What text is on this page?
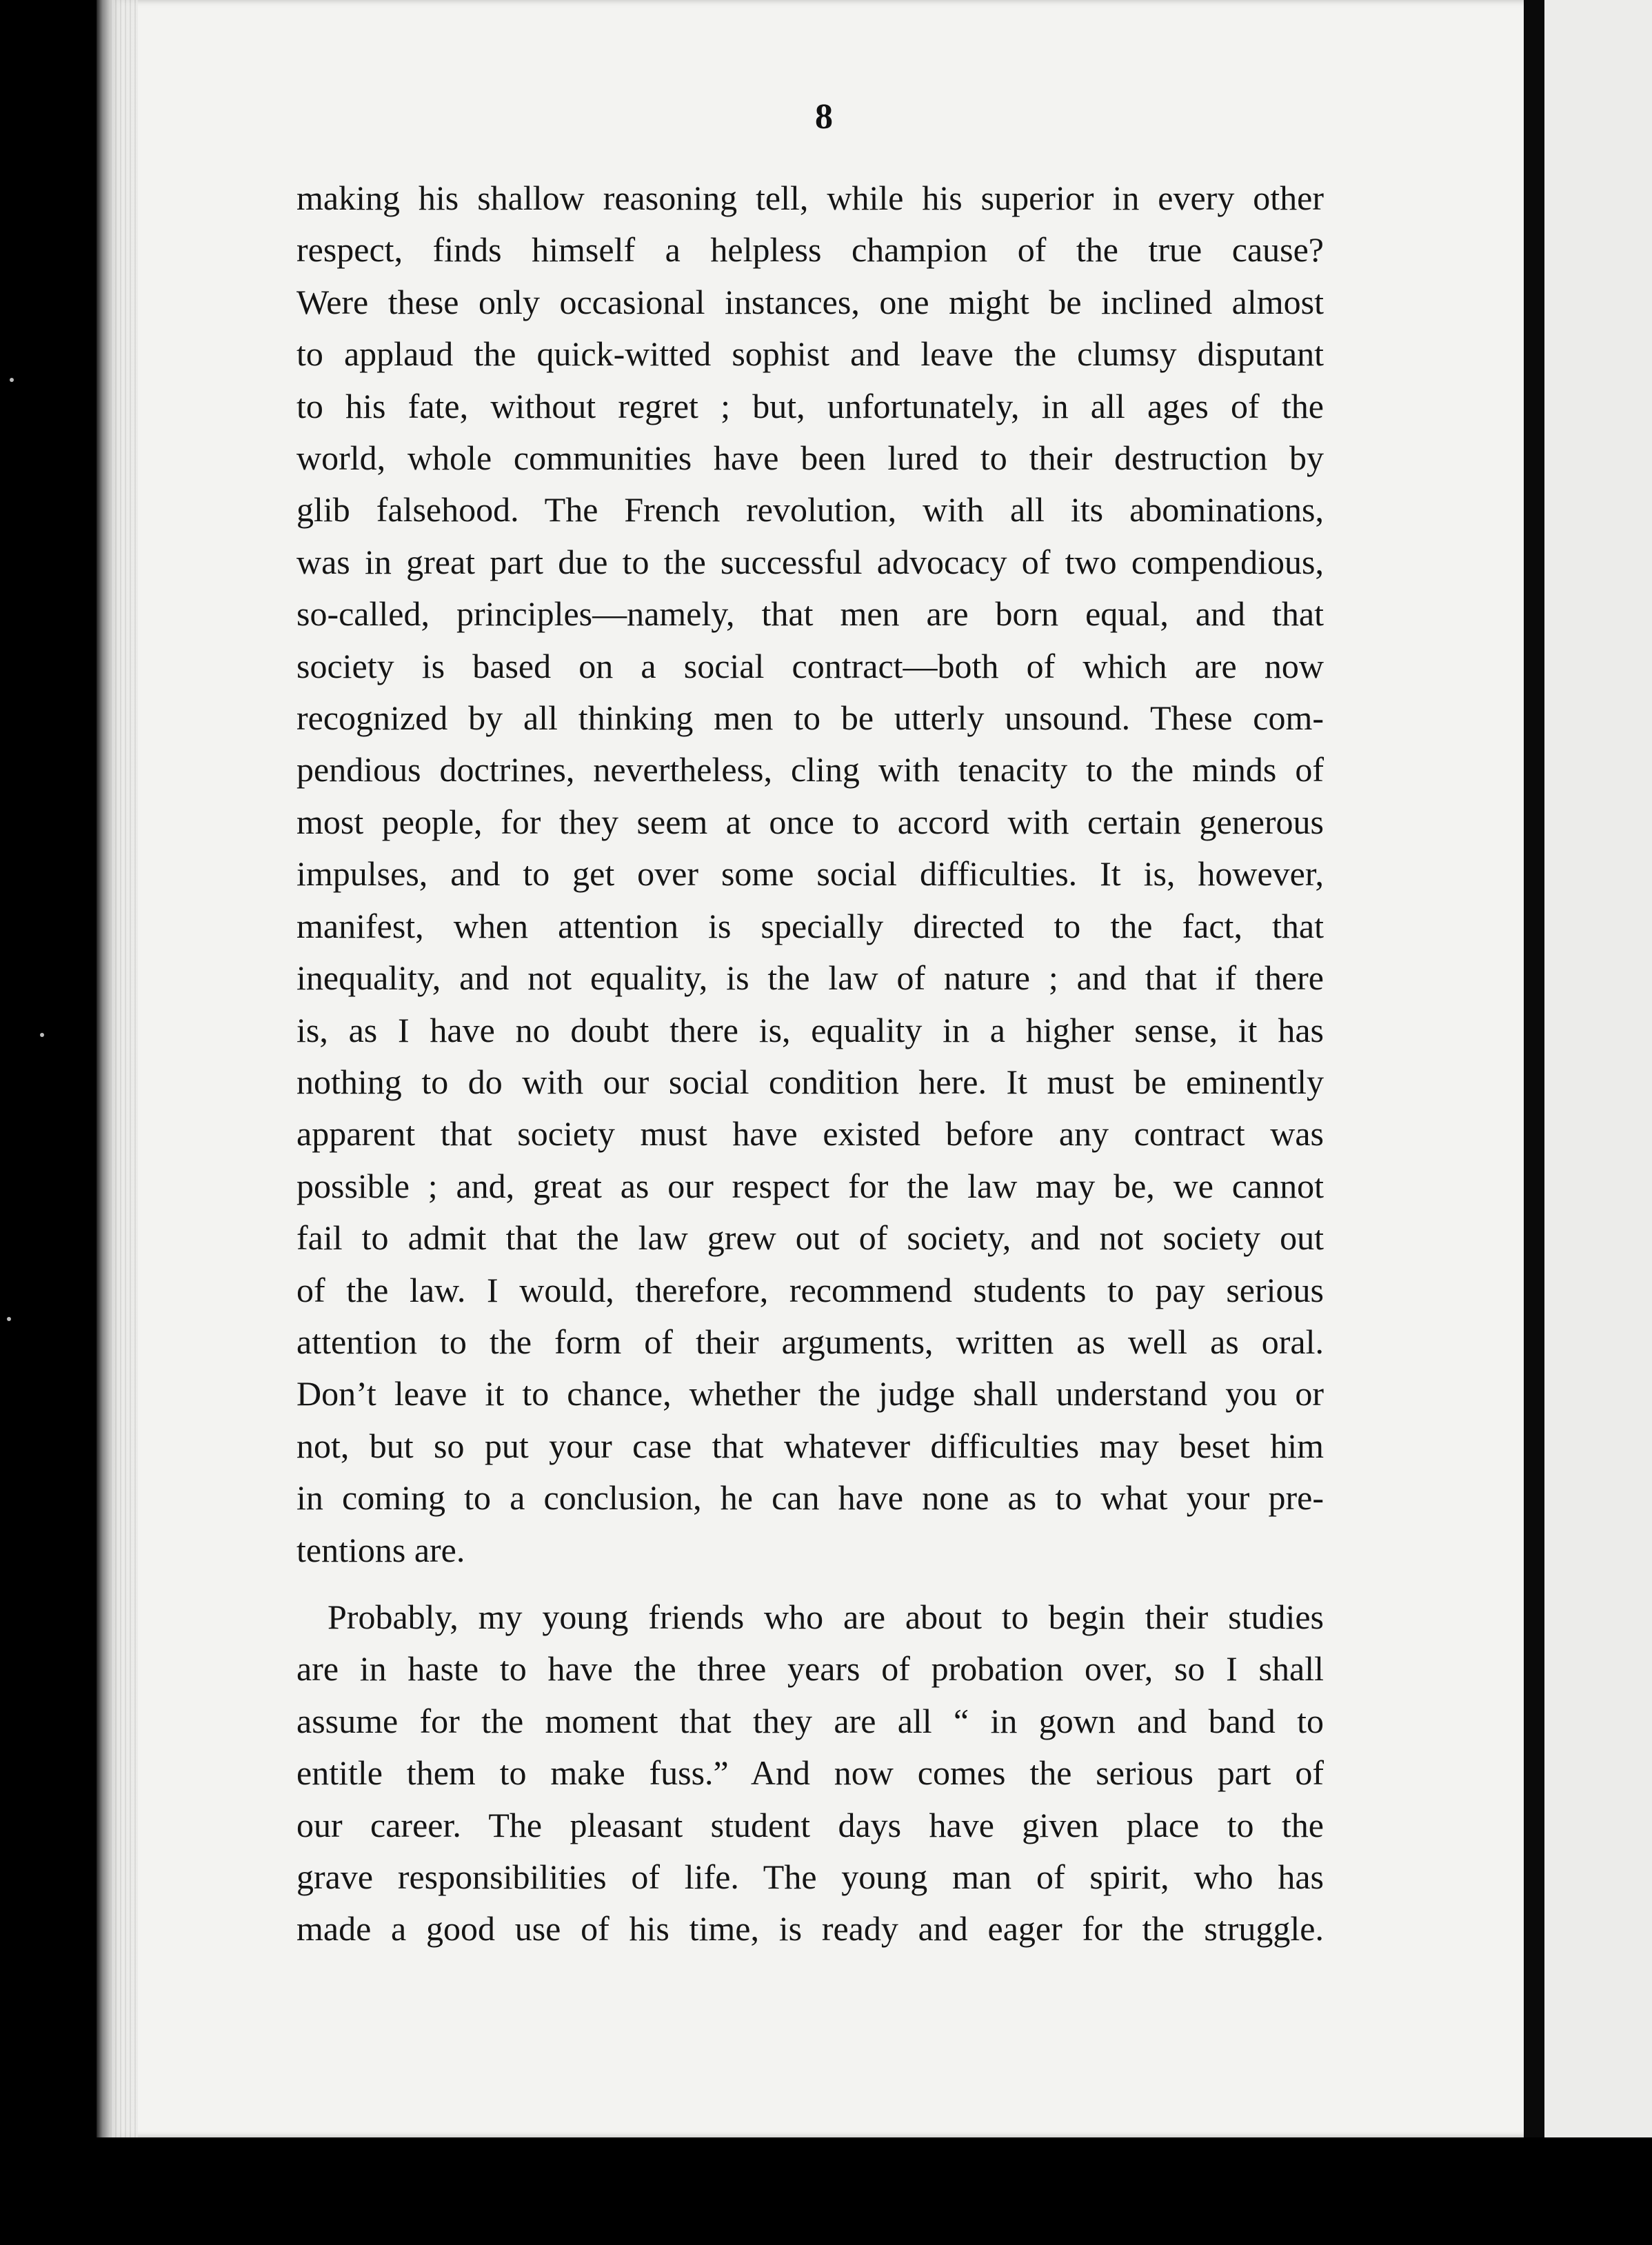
8
making his shallow reasoning tell, while his superior in every other
respect, finds himself a helpless champion of the true cause?
Were these only occasional instances, one might be inclined almost
to applaud the quick-witted sophist and leave the clumsy disputant
to his fate, without regret ; but, unfortunately, in all ages of the
world, whole communities have been lured to their destruction by
glib falsehood. The French revolution, with all its abominations,
was in great part due to the successful advocacy of two compendious,
so-called, principles—namely, that men are born equal, and that
society is based on a social contract—both of which are now
recognized by all thinking men to be utterly unsound. These com-
pendious doctrines, nevertheless, cling with tenacity to the minds of
most people, for they seem at once to accord with certain generous
impulses, and to get over some social difficulties. It is, however,
manifest, when attention is specially directed to the fact, that
inequality, and not equality, is the law of nature ; and that if there
is, as I have no doubt there is, equality in a higher sense, it has
nothing to do with our social condition here. It must be eminently
apparent that society must have existed before any contract was
possible ; and, great as our respect for the law may be, we cannot
fail to admit that the law grew out of society, and not society out
of the law. I would, therefore, recommend students to pay serious
attention to the form of their arguments, written as well as oral.
Don’t leave it to chance, whether the judge shall understand you or
not, but so put your case that whatever difficulties may beset him
in coming to a conclusion, he can have none as to what your pre-
tentions are.
Probably, my young friends who are about to begin their studies
are in haste to have the three years of probation over, so I shall
assume for the moment that they are all “ in gown and band to
entitle them to make fuss.” And now comes the serious part of
our career. The pleasant student days have given place to the
grave responsibilities of life. The young man of spirit, who has
made a good use of his time, is ready and eager for the struggle.
